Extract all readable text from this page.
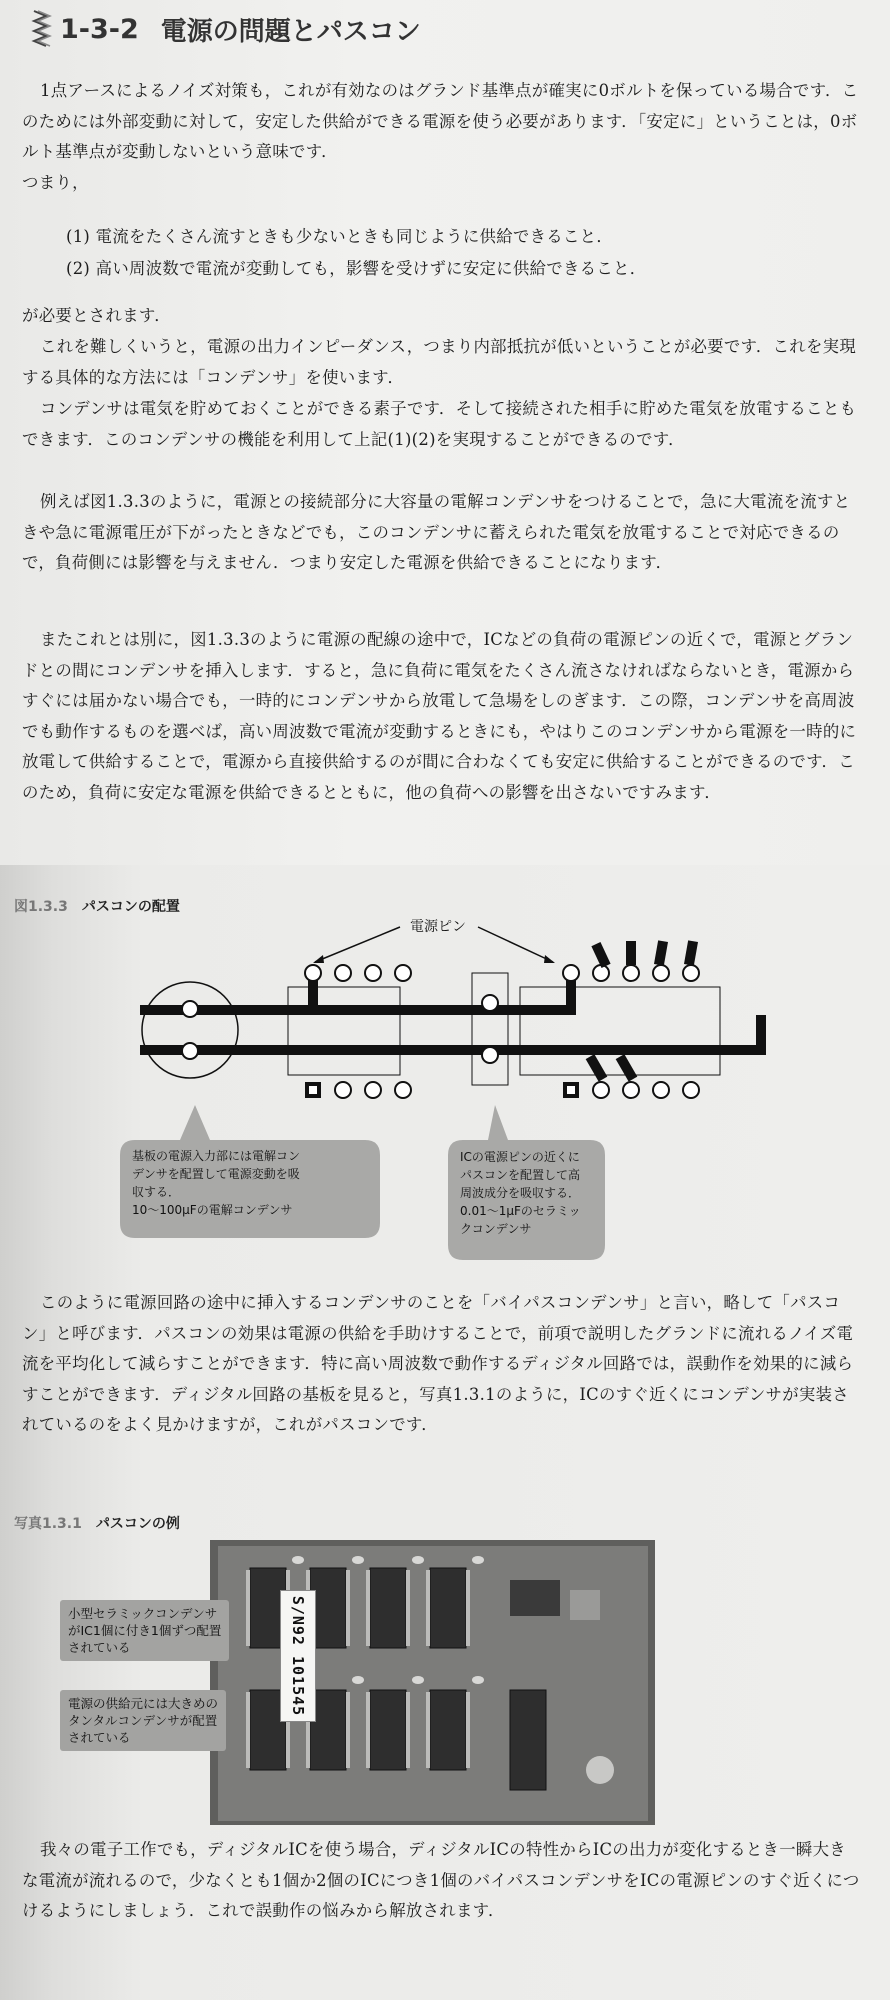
1-3-2 電源の問題とパスコン

1点アースによるノイズ対策も，これが有効なのはグランド基準点が確実に0ボルトを保っている場合です．このためには外部変動に対して，安定した供給ができる電源を使う必要があります．「安定に」ということは，0ボルト基準点が変動しないという意味です．

つまり，

(1) 電流をたくさん流すときも少ないときも同じように供給できること．

(2) 高い周波数で電流が変動しても，影響を受けずに安定に供給できること．

が必要とされます．

これを難しくいうと，電源の出力インピーダンス，つまり内部抵抗が低いということが必要です．これを実現する具体的な方法には「コンデンサ」を使います．

コンデンサは電気を貯めておくことができる素子です．そして接続された相手に貯めた電気を放電することもできます．このコンデンサの機能を利用して上記(1)(2)を実現することができるのです．

例えば図1.3.3のように，電源との接続部分に大容量の電解コンデンサをつけることで，急に大電流を流すときや急に電源電圧が下がったときなどでも，このコンデンサに蓄えられた電気を放電することで対応できるので，負荷側には影響を与えません．つまり安定した電源を供給できることになります．

またこれとは別に，図1.3.3のように電源の配線の途中で，ICなどの負荷の電源ピンの近くで，電源とグランドとの間にコンデンサを挿入します．すると，急に負荷に電気をたくさん流さなければならないとき，電源からすぐには届かない場合でも，一時的にコンデンサから放電して急場をしのぎます．この際，コンデンサを高周波でも動作するものを選べば，高い周波数で電流が変動するときにも，やはりこのコンデンサから電源を一時的に放電して供給することで，電源から直接供給するのが間に合わなくても安定に供給することができるのです．このため，負荷に安定な電源を供給できるとともに，他の負荷への影響を出さないですみます．

図1.3.3 パスコンの配置
電源ピン
基板の電源入力部には電解コン デンサを配置して電源変動を吸 収する． 10〜100μFの電解コンデンサ
ICの電源ピンの近くに パスコンを配置して高 周波成分を吸収する． 0.01〜1μFのセラミッ クコンデンサ

このように電源回路の途中に挿入するコンデンサのことを「バイパスコンデンサ」と言い，略して「パスコン」と呼びます．パスコンの効果は電源の供給を手助けすることで，前項で説明したグランドに流れるノイズ電流を平均化して減らすことができます．特に高い周波数で動作するディジタル回路では，誤動作を効果的に減らすことができます．ディジタル回路の基板を見ると，写真1.3.1のように，ICのすぐ近くにコンデンサが実装されているのをよく見かけますが，これがパスコンです．

写真1.3.1 パスコンの例
小型セラミックコンデンサ
がIC1個に付き1個ずつ配置
されている
電源の供給元には大きめの
タンタルコンデンサが配置
されている
S/N92 101545

我々の電子工作でも，ディジタルICを使う場合，ディジタルICの特性からICの出力が変化するとき一瞬大きな電流が流れるので，少なくとも1個か2個のICにつき1個のバイパスコンデンサをICの電源ピンのすぐ近くにつけるようにしましょう．これで誤動作の悩みから解放されます．
